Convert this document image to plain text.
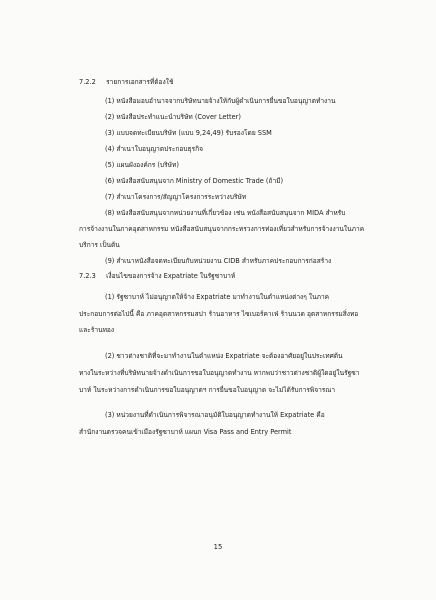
7.2.2 รายการเอกสารที่ต้องใช้
(1) หนังสือมอบอำนาจจากบริษัทนายจ้างให้กับผู้ดำเนินการยื่นขอใบอนุญาตทำงาน
(2) หนังสือประทำแนะนำบริษัท (Cover Letter)
(3) แบบจดทะเบียนบริษัท (แบบ 9,24,49) รับรองโดย SSM
(4) สำเนาใบอนุญาตประกอบธุรกิจ
(5) แผนผังองค์กร (บริษัท)
(6) หนังสือสนับสนุนจาก Ministry of Domestic Trade (ถ้ามี)
(7) สำเนาโครงการ/สัญญาโครงการระหว่างบริษัท
(8) หนังสือสนับสนุนจากหน่วยงานที่เกี่ยวข้อง เช่น หนังสือสนับสนุนจาก MIDA สำหรับ
การจ้างงานในภาคอุตสาหกรรม หนังสือสนับสนุนจากกระทรวงการท่องเที่ยวสำหรับการจ้างงานในภาค
บริการ เป็นต้น
(9) สำเนาหนังสือจดทะเบียนกับหน่วยงาน CIDB สำหรับภาคประกอบการก่อสร้าง
7.2.3 เงื่อนไขของการจ้าง Expatriate ในรัฐซาบาห์
(1) รัฐซาบาห์ ไม่อนุญาตให้จ้าง Expatriate มาทำงานในตำแหน่งต่างๆ ในภาค
ประกอบการต่อไปนี้ คือ ภาคอุตสาหกรรมสปา ร้านอาหาร ไซเบอร์คาเฟ่ ร้านนวด อุตสาหกรรมสิ่งทอ
และร้านทอง
(2) ชาวต่างชาติที่จะมาทำงานในตำแหน่ง Expatriate จะต้องอาศัยอยู่ในประเทศต้น
ทางในระหว่างที่บริษัทนายจ้างดำเนินการขอใบอนุญาตทำงาน หากพบว่าชาวต่างชาติผู้ใดอยู่ในรัฐซา
บาห์ ในระหว่างการดำเนินการขอใบอนุญาตฯ การยื่นขอใบอนุญาต จะไม่ได้รับการพิจารณา
(3) หน่วยงานที่ดำเนินการพิจารณาอนุมัติใบอนุญาตทำงานให้ Expatriate คือ
สำนักงานตรวจคนเข้าเมืองรัฐซาบาห์ แผนก Visa Pass and Entry Permit
15
